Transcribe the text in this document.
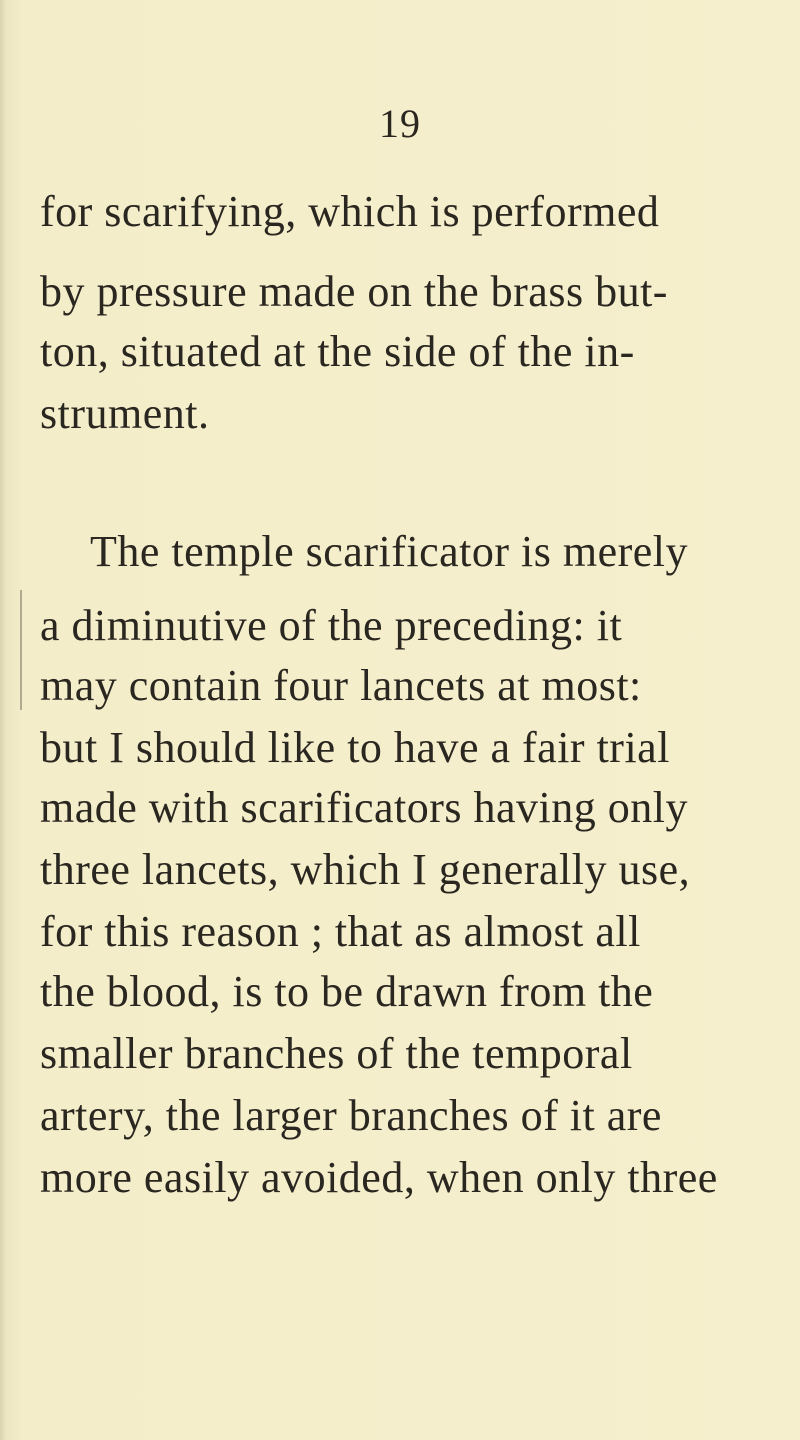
19
for scarifying, which is performed
by pressure made on the brass but-
ton, situated at the side of the in-
strument.
The temple scarificator is merely
a diminutive of the preceding: it
may contain four lancets at most:
but I should like to have a fair trial
made with scarificators having only
three lancets, which I generally use,
for this reason ; that as almost all
the blood, is to be drawn from the
smaller branches of the temporal
artery, the larger branches of it are
more easily avoided, when only three
